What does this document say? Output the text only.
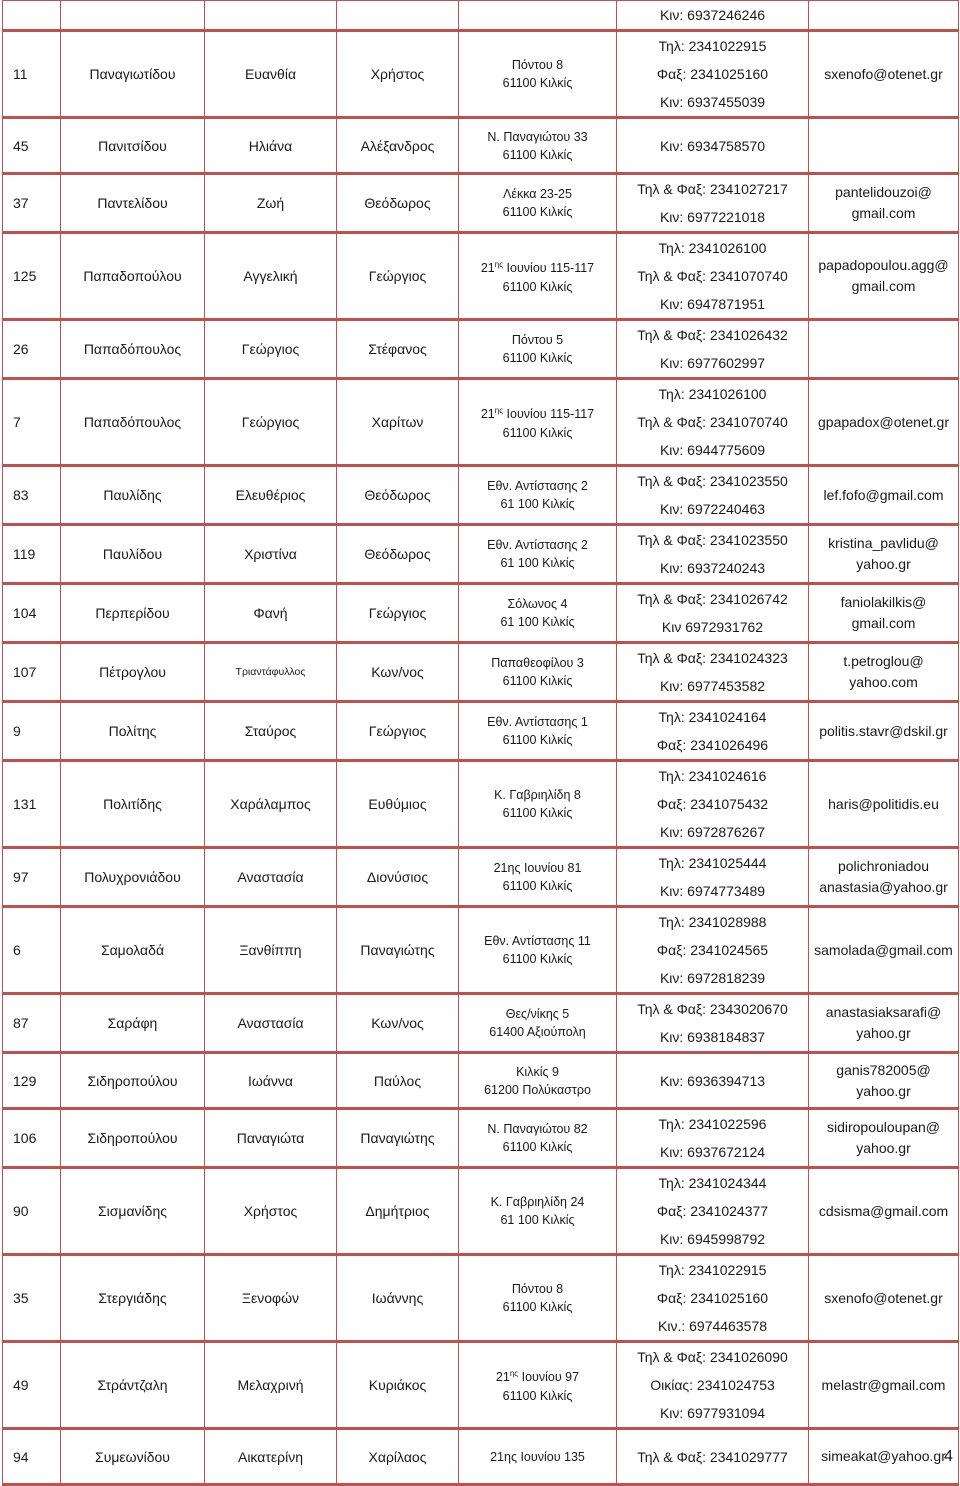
					Κιν: 6937246246	

11	Παναγιωτίδου	Ευανθία	Χρήστος	Πόντου 8
61100 Κιλκίς	Τηλ: 2341022915
Φαξ: 2341025160
Κιν: 6937455039	sxenofo@otenet.gr

45	Πανιτσίδου	Ηλιάνα	Αλέξανδρος	Ν. Παναγιώτου 33
61100 Κιλκίς	Κιν: 6934758570	

37	Παντελίδου	Ζωή	Θεόδωρος	Λέκκα 23-25
61100 Κιλκίς	Τηλ & Φαξ: 2341027217
Κιν: 6977221018	pantelidouzoi@
gmail.com

125	Παπαδοπούλου	Αγγελική	Γεώργιος	$21^{\eta\varsigma}$ Ιουνίου 115-117
61100 Κιλκίς	Τηλ: 2341026100
Τηλ & Φαξ: 2341070740
Κιν: 6947871951	papadopoulou.agg@
gmail.com

26	Παπαδόπουλος	Γεώργιος	Στέφανος	Πόντου 5
61100 Κιλκίς	Τηλ & Φαξ: 2341026432
Κιν: 6977602997	

7	Παπαδόπουλος	Γεώργιος	Χαρίτων	$21^{\eta\varsigma}$ Ιουνίου 115-117
61100 Κιλκίς	Τηλ: 2341026100
Τηλ & Φαξ: 2341070740
Κιν: 6944775609	gpapadox@otenet.gr

83	Παυλίδης	Ελευθέριος	Θεόδωρος	Εθν. Αντίστασης 2
61 100 Κιλκίς	Τηλ & Φαξ: 2341023550
Κιν: 6972240463	lef.fofo@gmail.com

119	Παυλίδου	Χριστίνα	Θεόδωρος	Εθν. Αντίστασης 2
61 100 Κιλκίς	Τηλ & Φαξ: 2341023550
Κιν: 6937240243	kristina_pavlidu@
yahoo.gr

104	Περπερίδου	Φανή	Γεώργιος	Σόλωνος 4
61 100 Κιλκίς	Τηλ & Φαξ: 2341026742
Κιν 6972931762	faniolakilkis@
gmail.com

107	Πέτρογλου	Τριαντάφυλλος	Κων/νος	Παπαθεοφίλου 3
61100 Κιλκίς	Τηλ & Φαξ: 2341024323
Κιν: 6977453582	t.petroglou@
yahoo.com

9	Πολίτης	Σταύρος	Γεώργιος	Εθν. Αντίστασης 1
61100 Κιλκίς	Τηλ: 2341024164
Φαξ: 2341026496	politis.stavr@dskil.gr

131	Πολιτίδης	Χαράλαμπος	Ευθύμιος	Κ. Γαβριηλίδη 8
61100 Κιλκίς	Τηλ: 2341024616
Φαξ: 2341075432
Κιν: 6972876267	haris@politidis.eu

97	Πολυχρονιάδου	Αναστασία	Διονύσιος	21ης Ιουνίου 81
61100 Κιλκίς	Τηλ: 2341025444
Κιν: 6974773489	polichroniadou
anastasia@yahoo.gr

6	Σαμολαδά	Ξανθίππη	Παναγιώτης	Εθν. Αντίστασης 11
61100 Κιλκίς	Τηλ: 2341028988
Φαξ: 2341024565
Κιν: 6972818239	samolada@gmail.com

87	Σαράφη	Αναστασία	Κων/νος	Θες/νίκης 5
61400 Αξιούπολη	Τηλ & Φαξ: 2343020670
Κιν: 6938184837	anastasiaksarafi@
yahoo.gr

129	Σιδηροπούλου	Ιωάννα	Παύλος	Κιλκίς 9
61200 Πολύκαστρο	Κιν: 6936394713	ganis782005@
yahoo.gr

106	Σιδηροπούλου	Παναγιώτα	Παναγιώτης	Ν. Παναγιώτου 82
61100 Κιλκίς	Τηλ: 2341022596
Κιν: 6937672124	sidiropouloupan@
yahoo.gr

90	Σισμανίδης	Χρήστος	Δημήτριος	Κ. Γαβριηλίδη 24
61 100 Κιλκίς	Τηλ: 2341024344
Φαξ: 2341024377
Κιν: 6945998792	cdsisma@gmail.com

35	Στεργιάδης	Ξενοφών	Ιωάννης	Πόντου 8
61100 Κιλκίς	Τηλ: 2341022915
Φαξ: 2341025160
Κιν.: 6974463578	sxenofo@otenet.gr

49	Στράντζαλη	Μελαχρινή	Κυριάκος	$21^{\eta\varsigma}$ Ιουνίου 97
61100 Κιλκίς	Τηλ & Φαξ: 2341026090
Οικίας: 2341024753
Κιν: 6977931094	melastr@gmail.com

94	Συμεωνίδου	Αικατερίνη	Χαρίλαος	21ης Ιουνίου 135	Τηλ & Φαξ: 2341029777	simeakat@yahoo.gr
4
